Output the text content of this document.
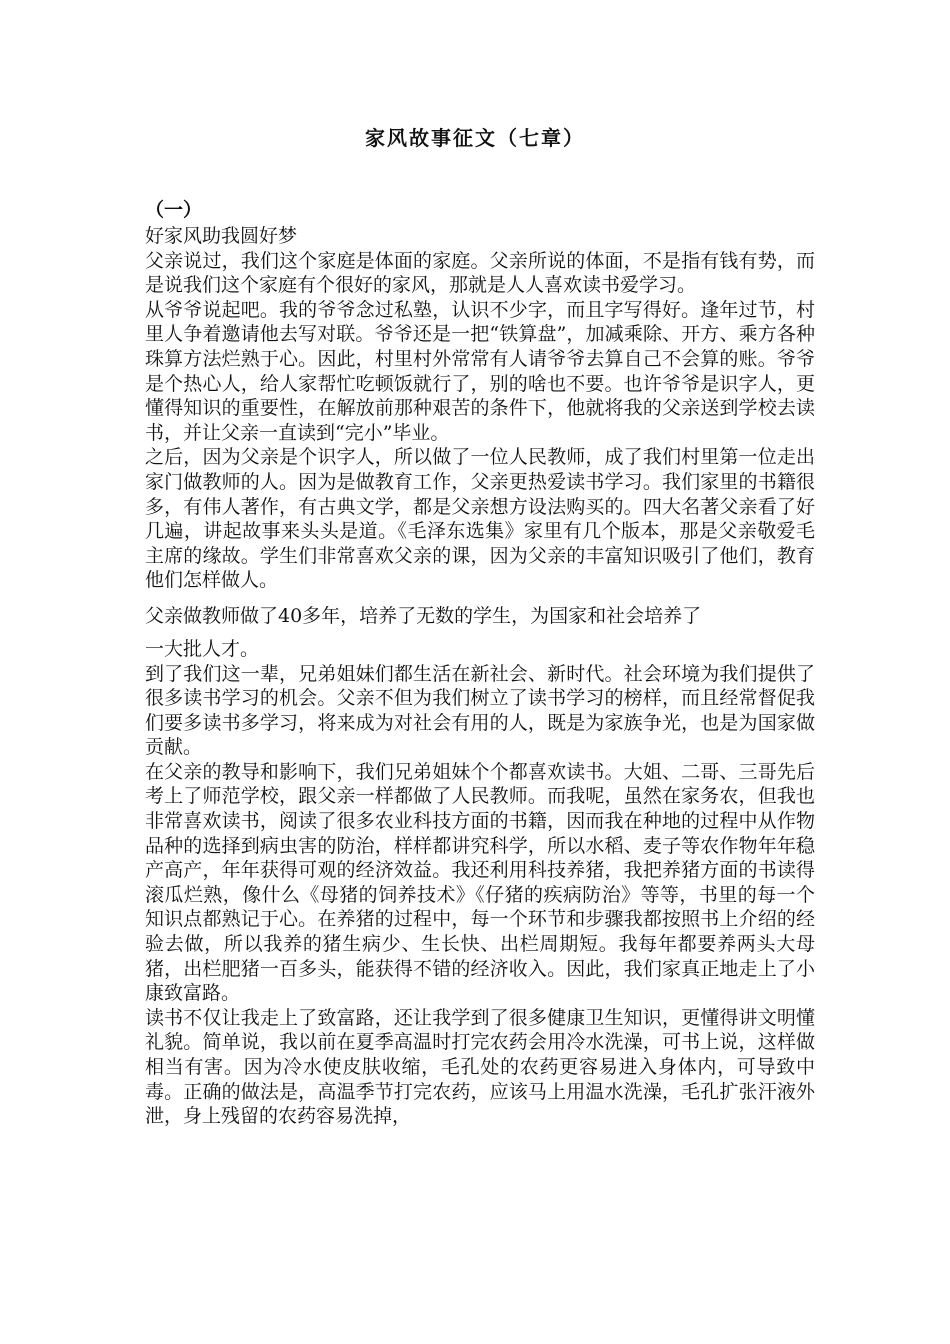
家风故事征文（七章）

（一）

好家风助我圆好梦

父亲说过，我们这个家庭是体面的家庭。父亲所说的体面，不是指有钱有势，而是说我们这个家庭有个很好的家风，那就是人人喜欢读书爱学习。

从爷爷说起吧。我的爷爷念过私塾，认识不少字，而且字写得好。逢年过节，村里人争着邀请他去写对联。爷爷还是一把“铁算盘”，加减乘除、开方、乘方各种珠算方法烂熟于心。因此，村里村外常常有人请爷爷去算自己不会算的账。爷爷是个热心人，给人家帮忙吃顿饭就行了，别的啥也不要。也许爷爷是识字人，更懂得知识的重要性，在解放前那种艰苦的条件下，他就将我的父亲送到学校去读书，并让父亲一直读到“完小”毕业。

之后，因为父亲是个识字人，所以做了一位人民教师，成了我们村里第一位走出家门做教师的人。因为是做教育工作，父亲更热爱读书学习。我们家里的书籍很多，有伟人著作，有古典文学，都是父亲想方设法购买的。四大名著父亲看了好几遍，讲起故事来头头是道。《毛泽东选集》家里有几个版本，那是父亲敬爱毛主席的缘故。学生们非常喜欢父亲的课，因为父亲的丰富知识吸引了他们，教育他们怎样做人。

父亲做教师做了40多年，培养了无数的学生，为国家和社会培养了

一大批人才。

到了我们这一辈，兄弟姐妹们都生活在新社会、新时代。社会环境为我们提供了很多读书学习的机会。父亲不但为我们树立了读书学习的榜样，而且经常督促我们要多读书多学习，将来成为对社会有用的人，既是为家族争光，也是为国家做贡献。

在父亲的教导和影响下，我们兄弟姐妹个个都喜欢读书。大姐、二哥、三哥先后考上了师范学校，跟父亲一样都做了人民教师。而我呢，虽然在家务农，但我也非常喜欢读书，阅读了很多农业科技方面的书籍，因而我在种地的过程中从作物品种的选择到病虫害的防治，样样都讲究科学，所以水稻、麦子等农作物年年稳产高产，年年获得可观的经济效益。我还利用科技养猪，我把养猪方面的书读得滚瓜烂熟，像什么《母猪的饲养技术》《仔猪的疾病防治》等等，书里的每一个知识点都熟记于心。在养猪的过程中，每一个环节和步骤我都按照书上介绍的经验去做，所以我养的猪生病少、生长快、出栏周期短。我每年都要养两头大母猪，出栏肥猪一百多头，能获得不错的经济收入。因此，我们家真正地走上了小康致富路。

读书不仅让我走上了致富路，还让我学到了很多健康卫生知识，更懂得讲文明懂礼貌。简单说，我以前在夏季高温时打完农药会用冷水洗澡，可书上说，这样做相当有害。因为冷水使皮肤收缩，毛孔处的农药更容易进入身体内，可导致中毒。正确的做法是，高温季节打完农药，应该马上用温水洗澡，毛孔扩张汗液外泄，身上残留的农药容易洗掉，
